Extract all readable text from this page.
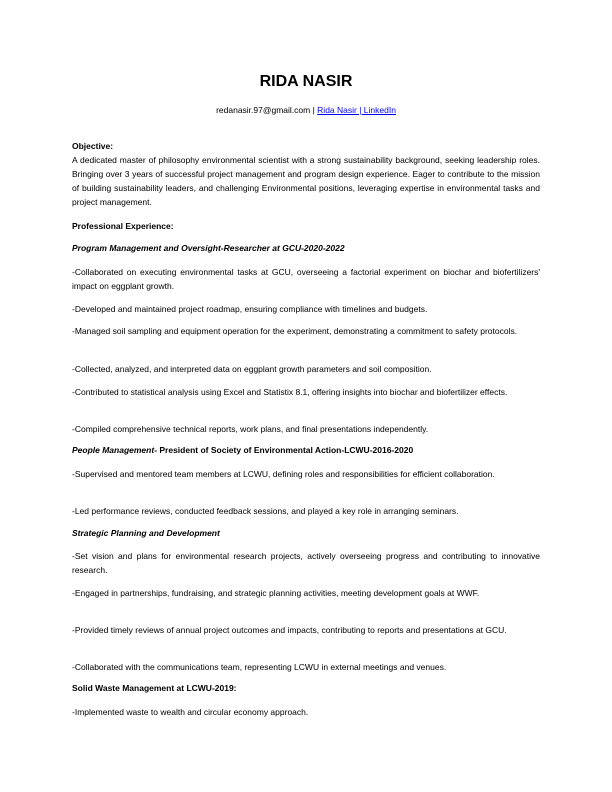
RIDA NASIR
redanasir.97@gmail.com | Rida Nasir | LinkedIn
Objective:
A dedicated master of philosophy environmental scientist with a strong sustainability background, seeking leadership roles. Bringing over 3 years of successful project management and program design experience. Eager to contribute to the mission of building sustainability leaders, and challenging Environmental positions, leveraging expertise in environmental tasks and project management.
Professional Experience:
Program Management and Oversight-Researcher at GCU-2020-2022
-Collaborated on executing environmental tasks at GCU, overseeing a factorial experiment on biochar and biofertilizers' impact on eggplant growth.
-Developed and maintained project roadmap, ensuring compliance with timelines and budgets.
-Managed soil sampling and equipment operation for the experiment, demonstrating a commitment to safety protocols.
-Collected, analyzed, and interpreted data on eggplant growth parameters and soil composition.
-Contributed to statistical analysis using Excel and Statistix 8.1, offering insights into biochar and biofertilizer effects.
-Compiled comprehensive technical reports, work plans, and final presentations independently.
People Management- President of Society of Environmental Action-LCWU-2016-2020
-Supervised and mentored team members at LCWU, defining roles and responsibilities for efficient collaboration.
-Led performance reviews, conducted feedback sessions, and played a key role in arranging seminars.
Strategic Planning and Development
-Set vision and plans for environmental research projects, actively overseeing progress and contributing to innovative research.
-Engaged in partnerships, fundraising, and strategic planning activities, meeting development goals at WWF.
-Provided timely reviews of annual project outcomes and impacts, contributing to reports and presentations at GCU.
-Collaborated with the communications team, representing LCWU in external meetings and venues.
Solid Waste Management at LCWU-2019:
-Implemented waste to wealth and circular economy approach.
